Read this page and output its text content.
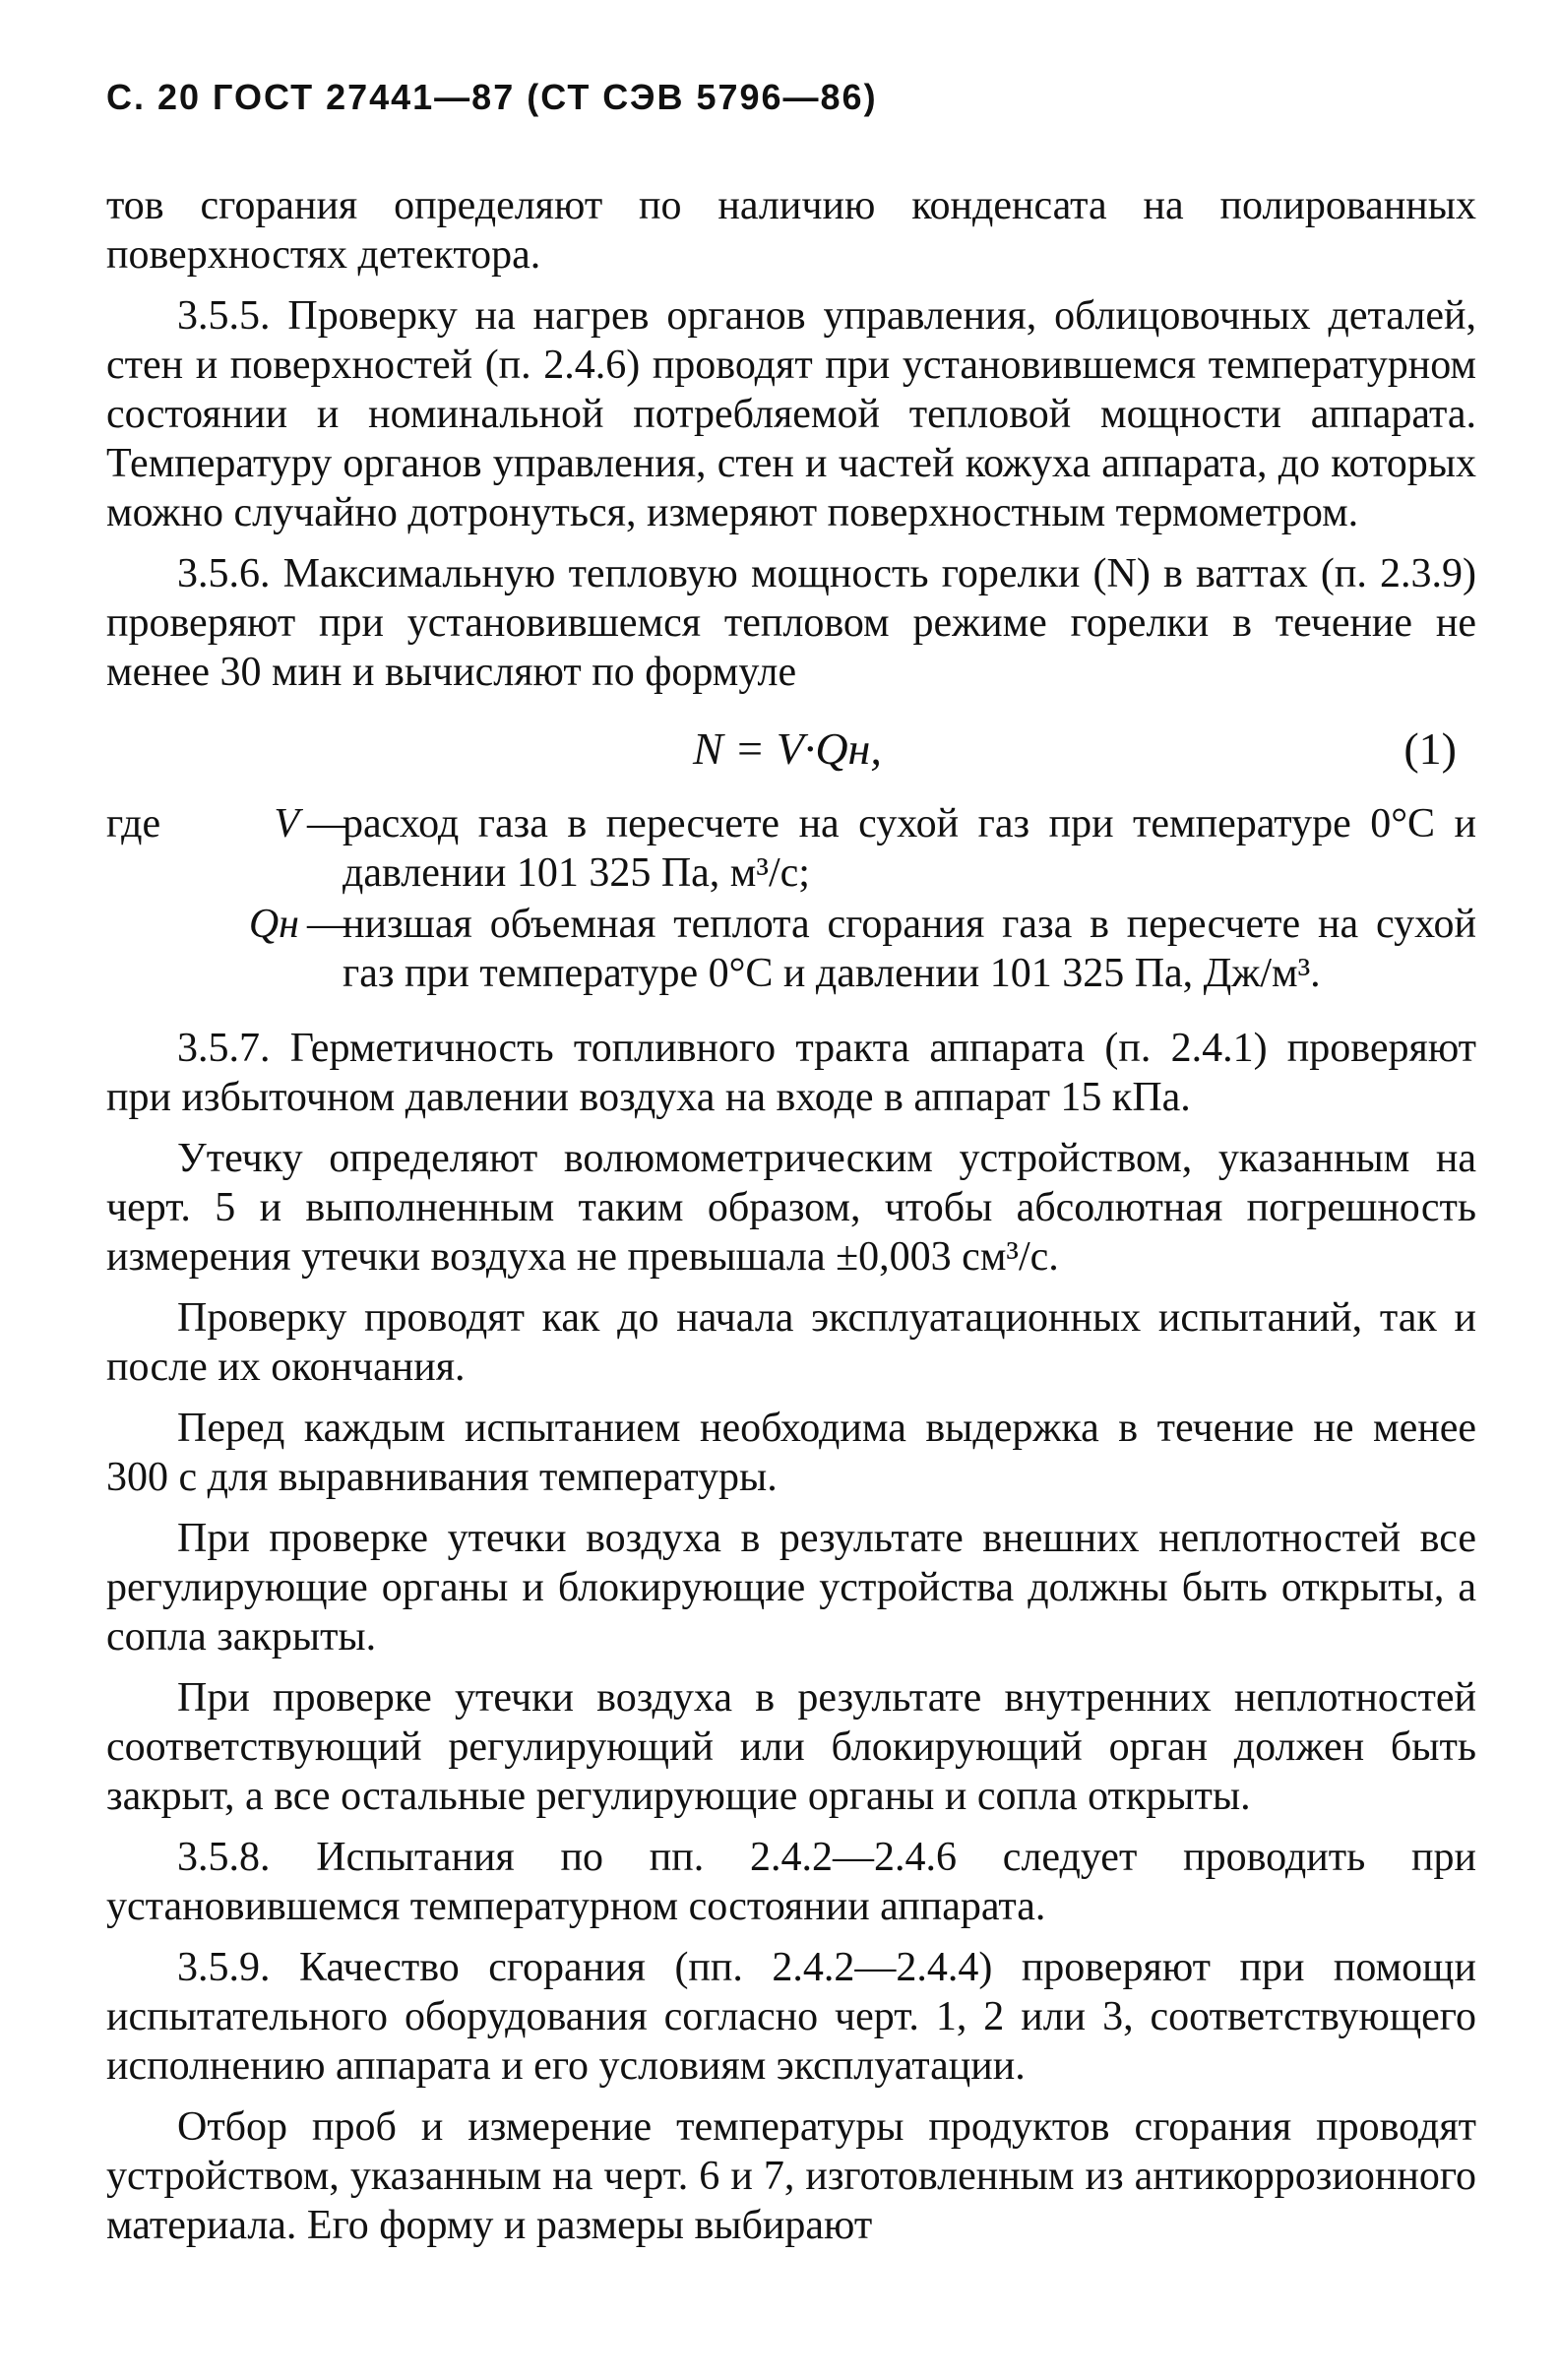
С. 20 ГОСТ 27441—87 (СТ СЭВ 5796—86)

тов сгорания определяют по наличию конденсата на полированных поверхностях детектора.

3.5.5. Проверку на нагрев органов управления, облицовочных деталей, стен и поверхностей (п. 2.4.6) проводят при установившемся температурном состоянии и номинальной потребляемой тепловой мощности аппарата. Температуру органов управления, стен и частей кожуха аппарата, до которых можно случайно дотронуться, измеряют поверхностным термометром.

3.5.6. Максимальную тепловую мощность горелки (N) в ваттах (п. 2.3.9) проверяют при установившемся тепловом режиме горелки в течение не менее 30 мин и вычисляют по формуле

N = V·Qн,	(1)
где	V —
расход газа в пересчете на сухой газ при температуре 0°С и давлении 101 325 Па, м³/с;
Qн —
низшая объемная теплота сгорания газа в пересчете на сухой газ при температуре 0°С и давлении 101 325 Па, Дж/м³.

3.5.7. Герметичность топливного тракта аппарата (п. 2.4.1) проверяют при избыточном давлении воздуха на входе в аппарат 15 кПа.

Утечку определяют волюмометрическим устройством, указанным на черт. 5 и выполненным таким образом, чтобы абсолютная погрешность измерения утечки воздуха не превышала ±0,003 см³/с.

Проверку проводят как до начала эксплуатационных испытаний, так и после их окончания.

Перед каждым испытанием необходима выдержка в течение не менее 300 с для выравнивания температуры.

При проверке утечки воздуха в результате внешних неплотностей все регулирующие органы и блокирующие устройства должны быть открыты, а сопла закрыты.

При проверке утечки воздуха в результате внутренних неплотностей соответствующий регулирующий или блокирующий орган должен быть закрыт, а все остальные регулирующие органы и сопла открыты.

3.5.8. Испытания по пп. 2.4.2—2.4.6 следует проводить при установившемся температурном состоянии аппарата.

3.5.9. Качество сгорания (пп. 2.4.2—2.4.4) проверяют при помощи испытательного оборудования согласно черт. 1, 2 или 3, соответствующего исполнению аппарата и его условиям эксплуатации.

Отбор проб и измерение температуры продуктов сгорания проводят устройством, указанным на черт. 6 и 7, изготовленным из антикоррозионного материала. Его форму и размеры выбирают
